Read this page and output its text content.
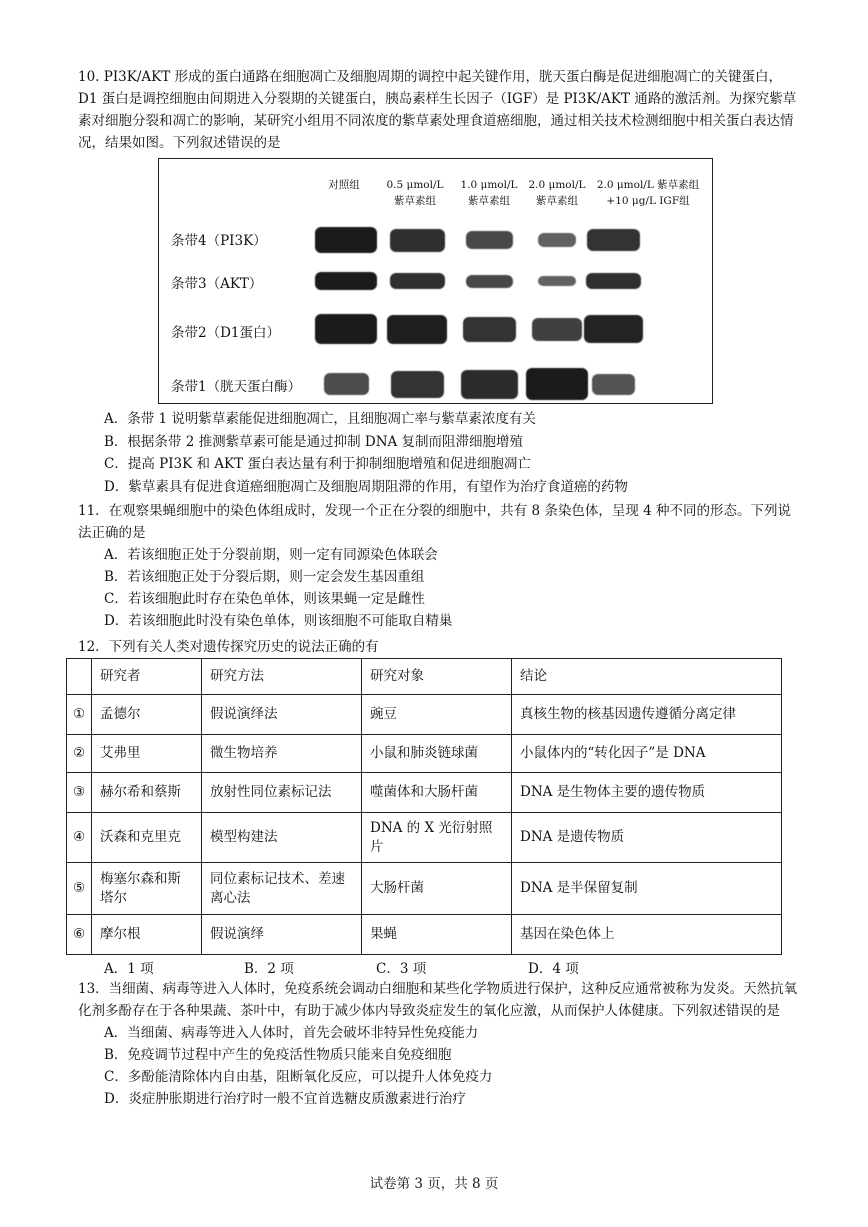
10. PI3K/AKT 形成的蛋白通路在细胞凋亡及细胞周期的调控中起关键作用，胱天蛋白酶是促进细胞凋亡的关键蛋白，D1 蛋白是调控细胞由间期进入分裂期的关键蛋白，胰岛素样生长因子（IGF）是 PI3K/AKT 通路的激活剂。为探究紫草素对细胞分裂和凋亡的影响，某研究小组用不同浓度的紫草素处理食道癌细胞，通过相关技术检测细胞中相关蛋白表达情况，结果如图。下列叙述错误的是

对照组	0.5 μmol/L
紫草素组
1.0 μmol/L
紫草素组
2.0 μmol/L
紫草素组
2.0 μmol/L 紫草素组
+10 μg/L IGF组
条带4（PI3K）
条带3（AKT）
条带2（D1蛋白）
条带1（胱天蛋白酶）

A．条带 1 说明紫草素能促进细胞凋亡，且细胞凋亡率与紫草素浓度有关

B．根据条带 2 推测紫草素可能是通过抑制 DNA 复制而阻滞细胞增殖

C．提高 PI3K 和 AKT 蛋白表达量有利于抑制细胞增殖和促进细胞凋亡

D．紫草素具有促进食道癌细胞凋亡及细胞周期阻滞的作用，有望作为治疗食道癌的药物

11．在观察果蝇细胞中的染色体组成时，发现一个正在分裂的细胞中，共有 8 条染色体，呈现 4 种不同的形态。下列说法正确的是

A．若该细胞正处于分裂前期，则一定有同源染色体联会

B．若该细胞正处于分裂后期，则一定会发生基因重组

C．若该细胞此时存在染色单体，则该果蝇一定是雌性

D．若该细胞此时没有染色单体，则该细胞不可能取自精巢

12．下列有关人类对遗传探究历史的说法正确的有

	研究者	研究方法	研究对象	结论
①	孟德尔	假说演绎法	豌豆	真核生物的核基因遗传遵循分离定律
②	艾弗里	微生物培养	小鼠和肺炎链球菌	小鼠体内的“转化因子”是 DNA
③	赫尔希和蔡斯	放射性同位素标记法	噬菌体和大肠杆菌	DNA 是生物体主要的遗传物质
④	沃森和克里克	模型构建法	DNA 的 X 光衍射照片	DNA 是遗传物质
⑤	梅塞尔森和斯塔尔	同位素标记技术、差速离心法	大肠杆菌	DNA 是半保留复制
⑥	摩尔根	假说演绎	果蝇	基因在染色体上
A．1 项	B．2 项	C．3 项	D．4 项

13．当细菌、病毒等进入人体时，免疫系统会调动白细胞和某些化学物质进行保护，这种反应通常被称为发炎。天然抗氧化剂多酚存在于各种果蔬、茶叶中，有助于减少体内导致炎症发生的氧化应激，从而保护人体健康。下列叙述错误的是

A．当细菌、病毒等进入人体时，首先会破坏非特异性免疫能力

B．免疫调节过程中产生的免疫活性物质只能来自免疫细胞

C．多酚能清除体内自由基，阻断氧化反应，可以提升人体免疫力

D．炎症肿胀期进行治疗时一般不宜首选糖皮质激素进行治疗

试卷第 3 页，共 8 页
